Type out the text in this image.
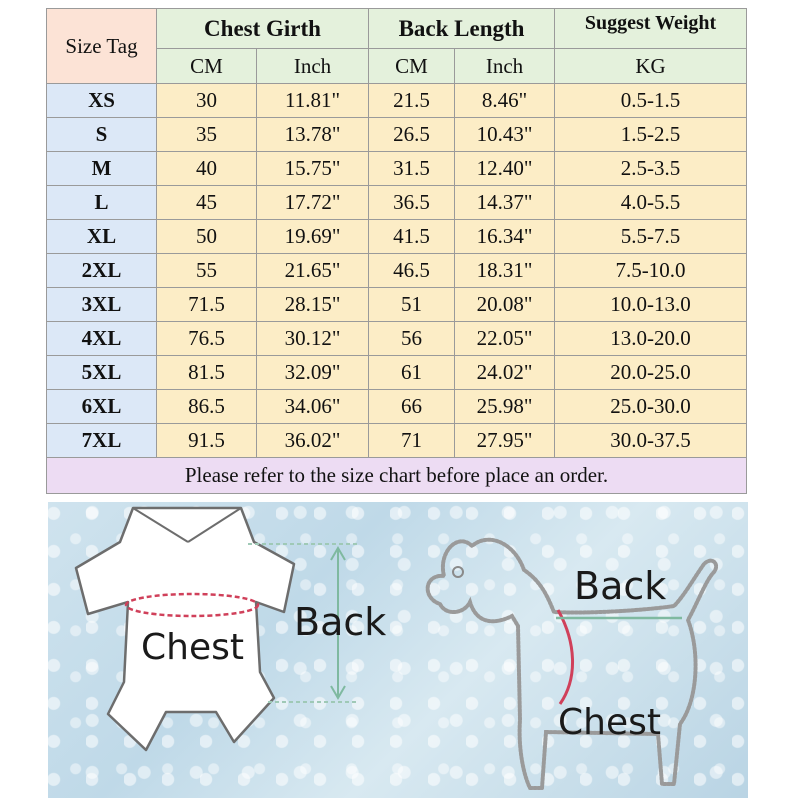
Size Tag	Chest Girth		Back Length		Suggest Weight

	CM	Inch	CM	Inch	KG
XS	30	11.81"	21.5	8.46"	0.5-1.5
S	35	13.78"	26.5	10.43"	1.5-2.5
M	40	15.75"	31.5	12.40"	2.5-3.5
L	45	17.72"	36.5	14.37"	4.0-5.5
XL	50	19.69"	41.5	16.34"	5.5-7.5
2XL	55	21.65"	46.5	18.31"	7.5-10.0
3XL	71.5	28.15"	51	20.08"	10.0-13.0
4XL	76.5	30.12"	56	22.05"	13.0-20.0
5XL	81.5	32.09"	61	24.02"	20.0-25.0
6XL	86.5	34.06"	66	25.98"	25.0-30.0
7XL	91.5	36.02"	71	27.95"	30.0-37.5
Please refer to the size chart before place an order.					
Chest
Back
Back
Chest
